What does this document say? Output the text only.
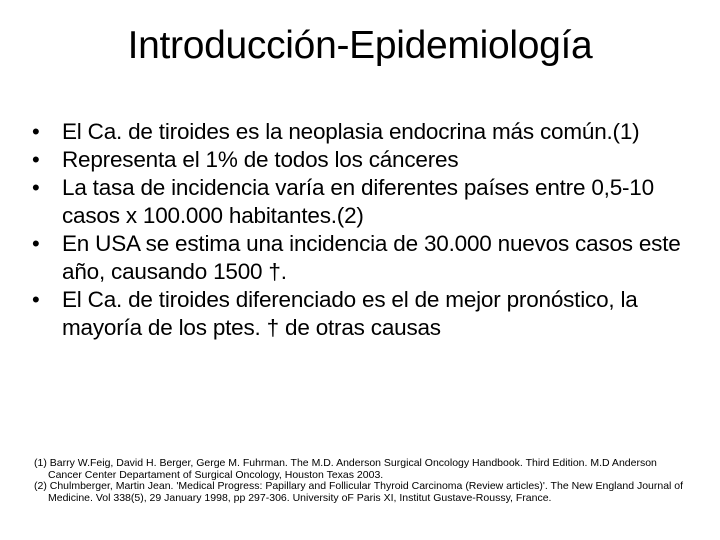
Introducción-Epidemiología
• El Ca. de tiroides es la neoplasia endocrina más común.(1)
• Representa el 1% de todos los cánceres
• La tasa de incidencia varía en diferentes países entre 0,5-10 casos x 100.000 habitantes.(2)
• En USA se estima una incidencia de 30.000 nuevos casos este año, causando 1500 †.
• El Ca. de tiroides diferenciado es el de mejor pronóstico, la mayoría de los ptes. † de otras causas
(1) Barry W.Feig, David H. Berger, Gerge M. Fuhrman. The M.D. Anderson Surgical Oncology Handbook. Third Edition. M.D Anderson Cancer Center Departament of Surgical Oncology, Houston Texas 2003.
(2) Chulmberger, Martin Jean. 'Medical Progress: Papillary and Follicular Thyroid Carcinoma (Review articles)'. The New England Journal of Medicine. Vol 338(5), 29 January 1998, pp 297-306. University oF Paris XI, Institut Gustave-Roussy, France.
